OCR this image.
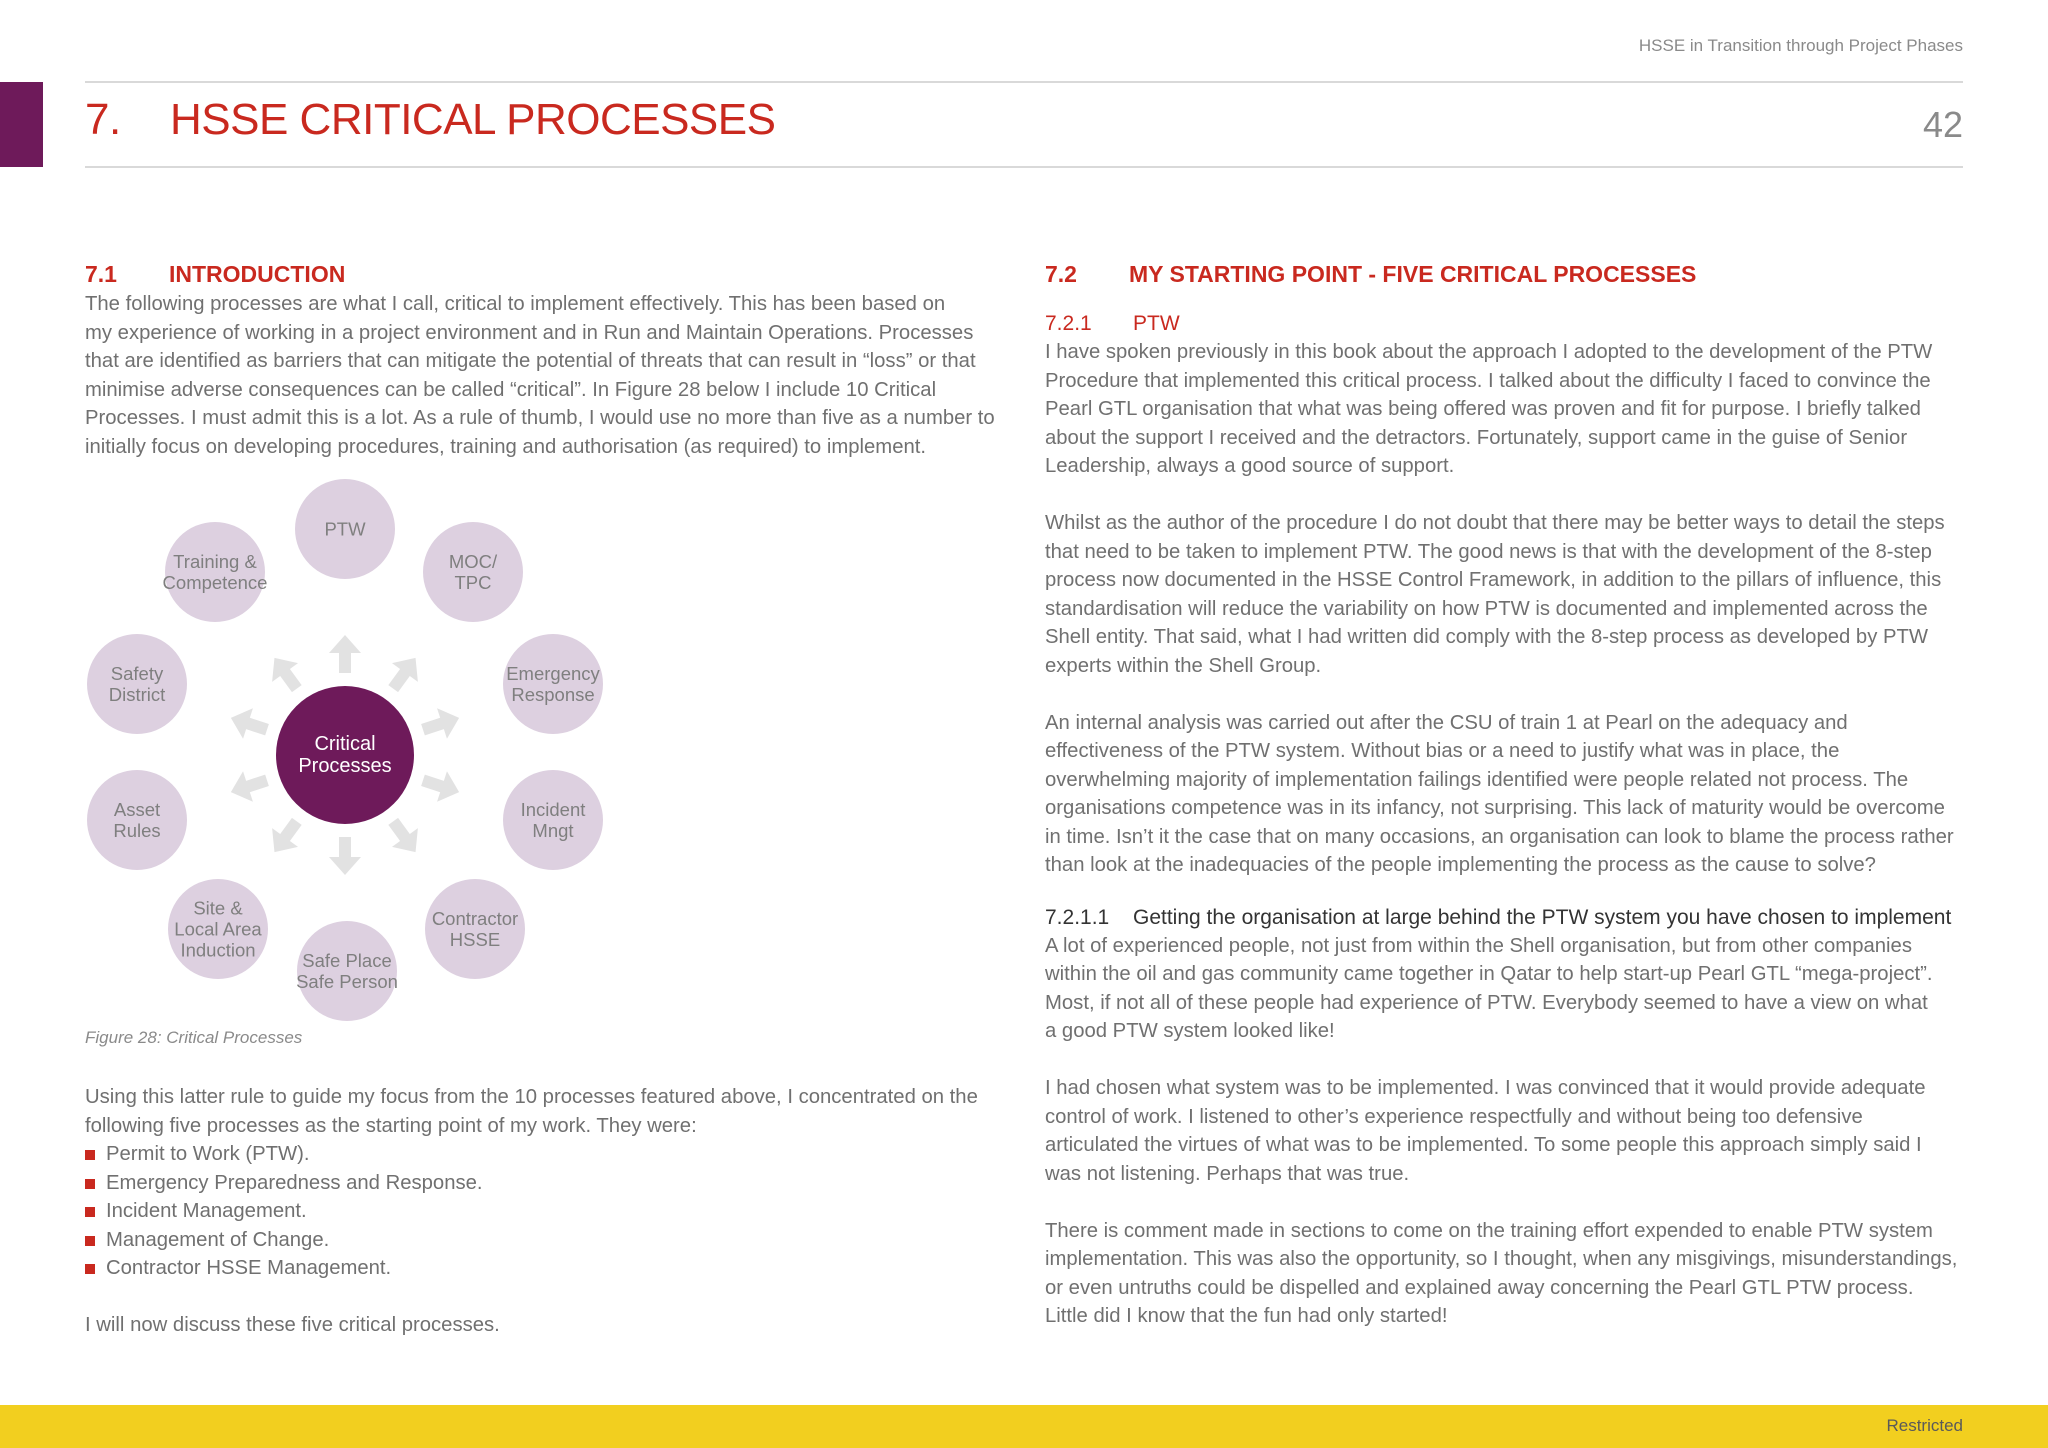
HSSE in Transition through Project Phases
7. HSSE CRITICAL PROCESSES	42
7.1 INTRODUCTION

The following processes are what I call, critical to implement effectively. This has been based on

my experience of working in a project environment and in Run and Maintain Operations. Processes

that are identified as barriers that can mitigate the potential of threats that can result in “loss” or that

minimise adverse consequences can be called “critical”. In Figure 28 below I include 10 Critical

Processes. I must admit this is a lot. As a rule of thumb, I would use no more than five as a number to

initially focus on developing procedures, training and authorisation (as required) to implement.

Critical
Processes
PTW
MOC/
TPC
Emergency
Response
Incident
Mngt
Contractor
HSSE
Safe Place
Safe Person
Site &
Local Area
Induction
Asset
Rules
Safety
District
Training &
Competence

Figure 28: Critical Processes

Using this latter rule to guide my focus from the 10 processes featured above, I concentrated on the

following five processes as the starting point of my work. They were:

Permit to Work (PTW).
Emergency Preparedness and Response.
Incident Management.
Management of Change.
Contractor HSSE Management.

I will now discuss these five critical processes.

7.2 MY STARTING POINT - FIVE CRITICAL PROCESSES
7.2.1 PTW

I have spoken previously in this book about the approach I adopted to the development of the PTW

Procedure that implemented this critical process. I talked about the difficulty I faced to convince the

Pearl GTL organisation that what was being offered was proven and fit for purpose. I briefly talked

about the support I received and the detractors. Fortunately, support came in the guise of Senior

Leadership, always a good source of support.

Whilst as the author of the procedure I do not doubt that there may be better ways to detail the steps

that need to be taken to implement PTW. The good news is that with the development of the 8-step

process now documented in the HSSE Control Framework, in addition to the pillars of influence, this

standardisation will reduce the variability on how PTW is documented and implemented across the

Shell entity. That said, what I had written did comply with the 8-step process as developed by PTW

experts within the Shell Group.

An internal analysis was carried out after the CSU of train 1 at Pearl on the adequacy and

effectiveness of the PTW system. Without bias or a need to justify what was in place, the

overwhelming majority of implementation failings identified were people related not process. The

organisations competence was in its infancy, not surprising. This lack of maturity would be overcome

in time. Isn’t it the case that on many occasions, an organisation can look to blame the process rather

than look at the inadequacies of the people implementing the process as the cause to solve?

7.2.1.1 Getting the organisation at large behind the PTW system you have chosen to implement

A lot of experienced people, not just from within the Shell organisation, but from other companies

within the oil and gas community came together in Qatar to help start-up Pearl GTL “mega-project”.

Most, if not all of these people had experience of PTW. Everybody seemed to have a view on what

a good PTW system looked like!

I had chosen what system was to be implemented. I was convinced that it would provide adequate

control of work. I listened to other’s experience respectfully and without being too defensive

articulated the virtues of what was to be implemented. To some people this approach simply said I

was not listening. Perhaps that was true.

There is comment made in sections to come on the training effort expended to enable PTW system

implementation. This was also the opportunity, so I thought, when any misgivings, misunderstandings,

or even untruths could be dispelled and explained away concerning the Pearl GTL PTW process.

Little did I know that the fun had only started!

Restricted
